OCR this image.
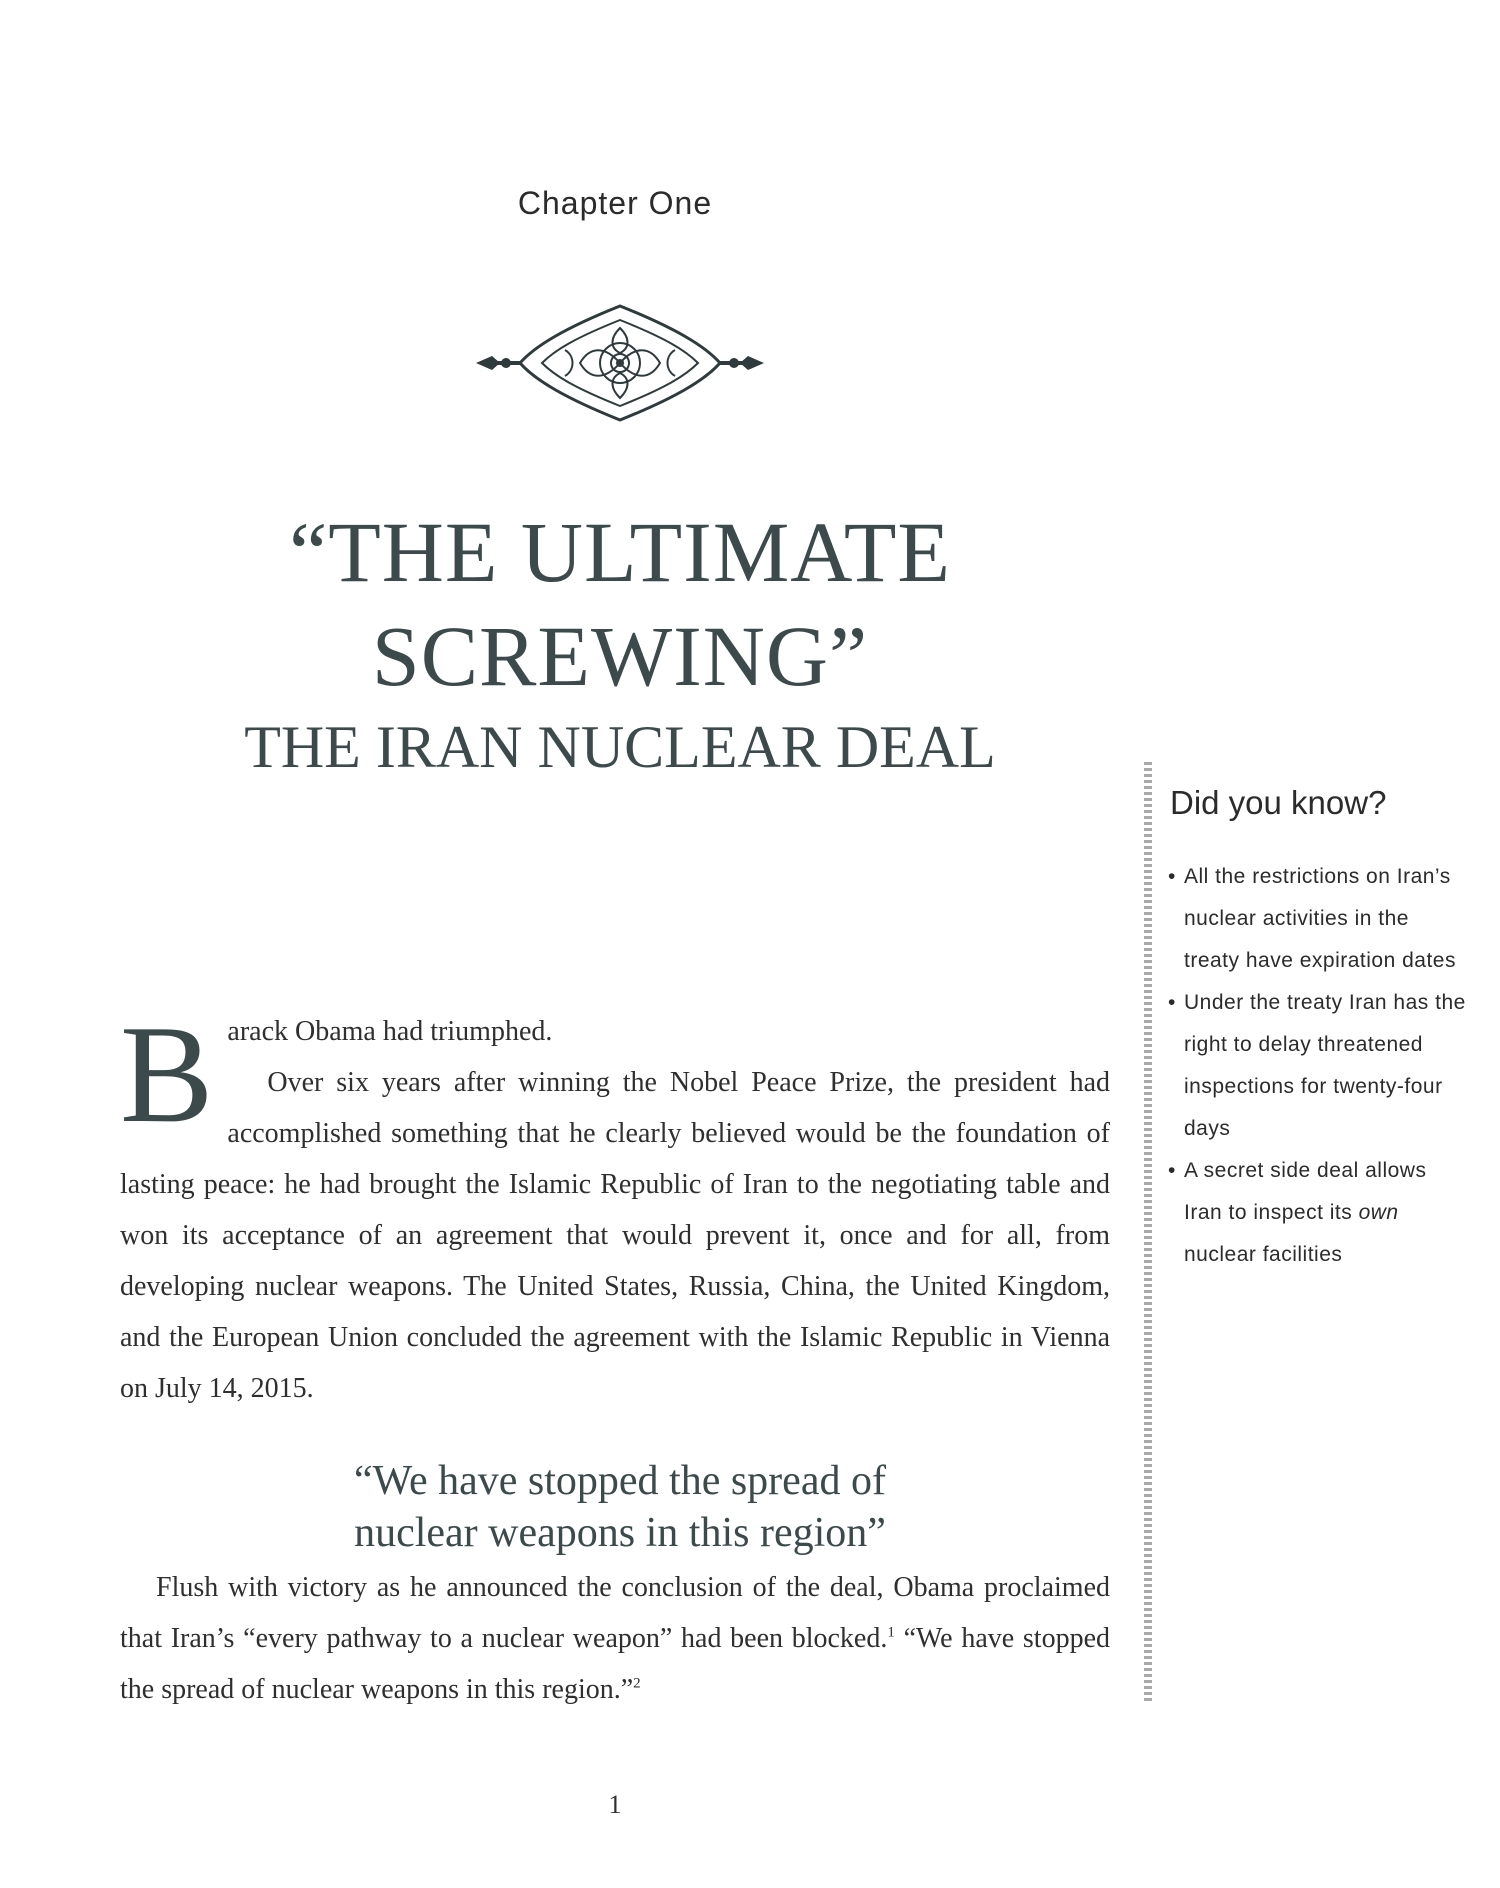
Chapter One
“THE ULTIMATE
SCREWING”
THE IRAN NUCLEAR DEAL
B arack Obama had triumphed.

Over six years after winning the Nobel Peace Prize, the president had accomplished something that he clearly believed would be the foundation of lasting peace: he had brought the Islamic Republic of Iran to the negotiating table and won its acceptance of an agreement that would prevent it, once and for all, from developing nuclear weapons. The United States, Russia, China, the United Kingdom, and the European Union concluded the agreement with the Islamic Republic in Vienna on July 14, 2015.

“We have stopped the spread of
nuclear weapons in this region”

Flush with victory as he announced the conclusion of the deal, Obama proclaimed that Iran’s “every pathway to a nuclear weapon” had been blocked.$^1$ “We have stopped the spread of nuclear weapons in this region.”$^2$

Did you know?
• All the restrictions on Iran’s nuclear activities in the treaty have expiration dates
• Under the treaty Iran has the right to delay threatened inspections for twenty-four days
• A secret side deal allows Iran to inspect its own nuclear facilities
1
